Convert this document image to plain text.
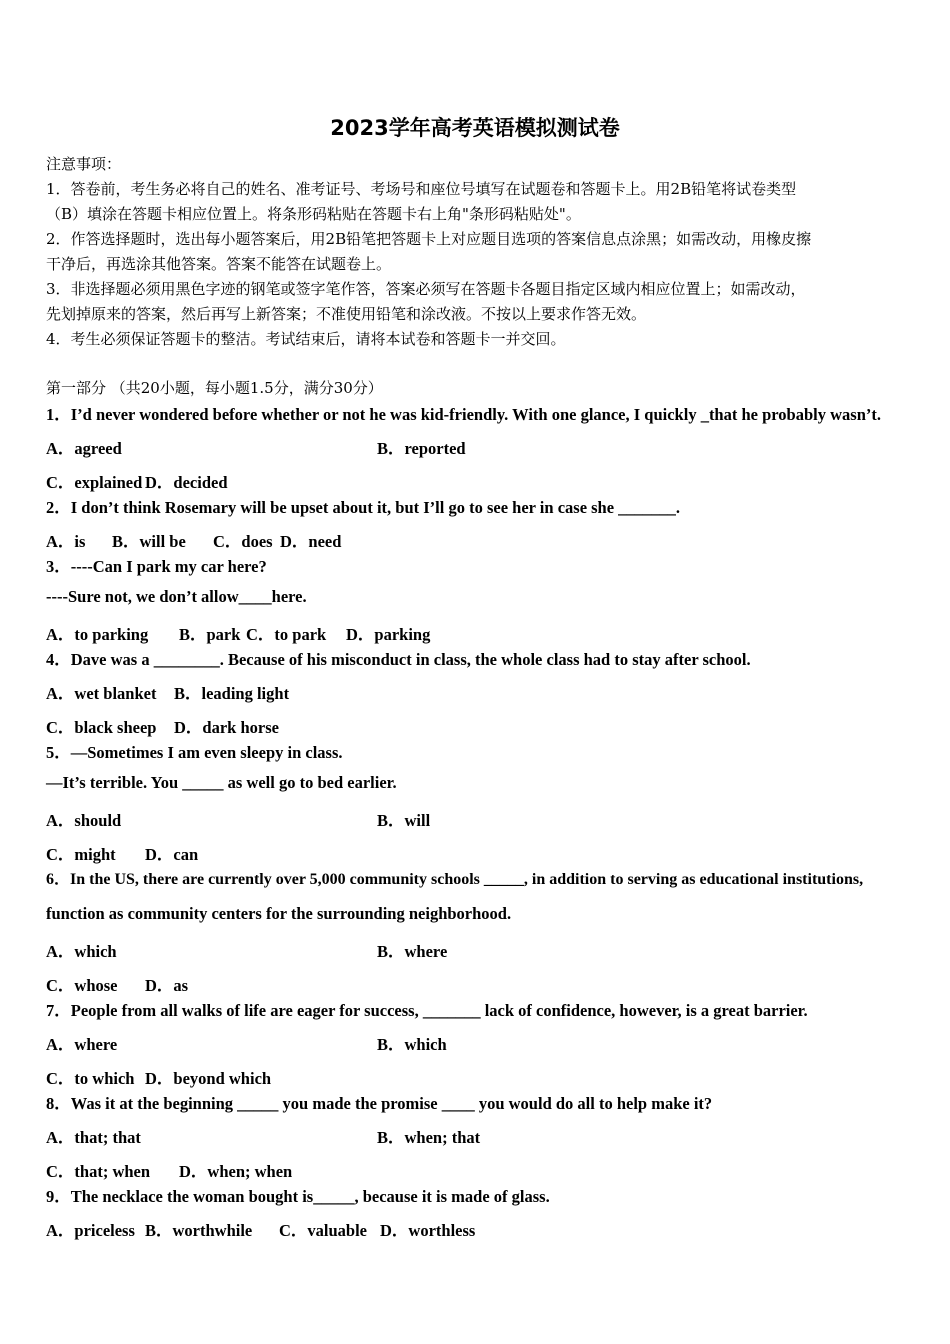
2023学年高考英语模拟测试卷
注意事项：
1．答卷前，考生务必将自己的姓名、准考证号、考场号和座位号填写在试题卷和答题卡上。用2B铅笔将试卷类型
（B）填涂在答题卡相应位置上。将条形码粘贴在答题卡右上角"条形码粘贴处"。
2．作答选择题时，选出每小题答案后，用2B铅笔把答题卡上对应题目选项的答案信息点涂黑；如需改动，用橡皮擦
干净后，再选涂其他答案。答案不能答在试题卷上。
3．非选择题必须用黑色字迹的钢笔或签字笔作答，答案必须写在答题卡各题目指定区域内相应位置上；如需改动，
先划掉原来的答案，然后再写上新答案；不准使用铅笔和涂改液。不按以上要求作答无效。
4．考生必须保证答题卡的整洁。考试结束后，请将本试卷和答题卡一并交回。
第一部分 （共20小题，每小题1.5分，满分30分）
1．I’d never wondered before whether or not he was kid-friendly. With one glance, I quickly _that he probably wasn’t.
A．agreed	B．reported
C．explained D．decided
2．I don’t think Rosemary will be upset about it, but I’ll go to see her in case she _______.
A．is B．will be C．does D．need
3．----Can I park my car here?
----Sure not, we don’t allow____here.
A．to parking B．park C．to park D．parking
4．Dave was a ________. Because of his misconduct in class, the whole class had to stay after school.
A．wet blanket B．leading light
C．black sheep D．dark horse
5．—Sometimes I am even sleepy in class.
—It’s terrible. You _____ as well go to bed earlier.
A．should	B．will
C．might D．can
6．In the US, there are currently over 5,000 community schools _____, in addition to serving as educational institutions,
function as community centers for the surrounding neighborhood.
A．which	B．where
C．whose D．as
7．People from all walks of life are eager for success, _______ lack of confidence, however, is a great barrier.
A．where	B．which
C．to which D．beyond which
8．Was it at the beginning _____ you made the promise ____ you would do all to help make it?
A．that; that	B．when; that
C．that; when D．when; when
9．The necklace the woman bought is_____, because it is made of glass.
A．priceless B．worthwhile C．valuable D．worthless
